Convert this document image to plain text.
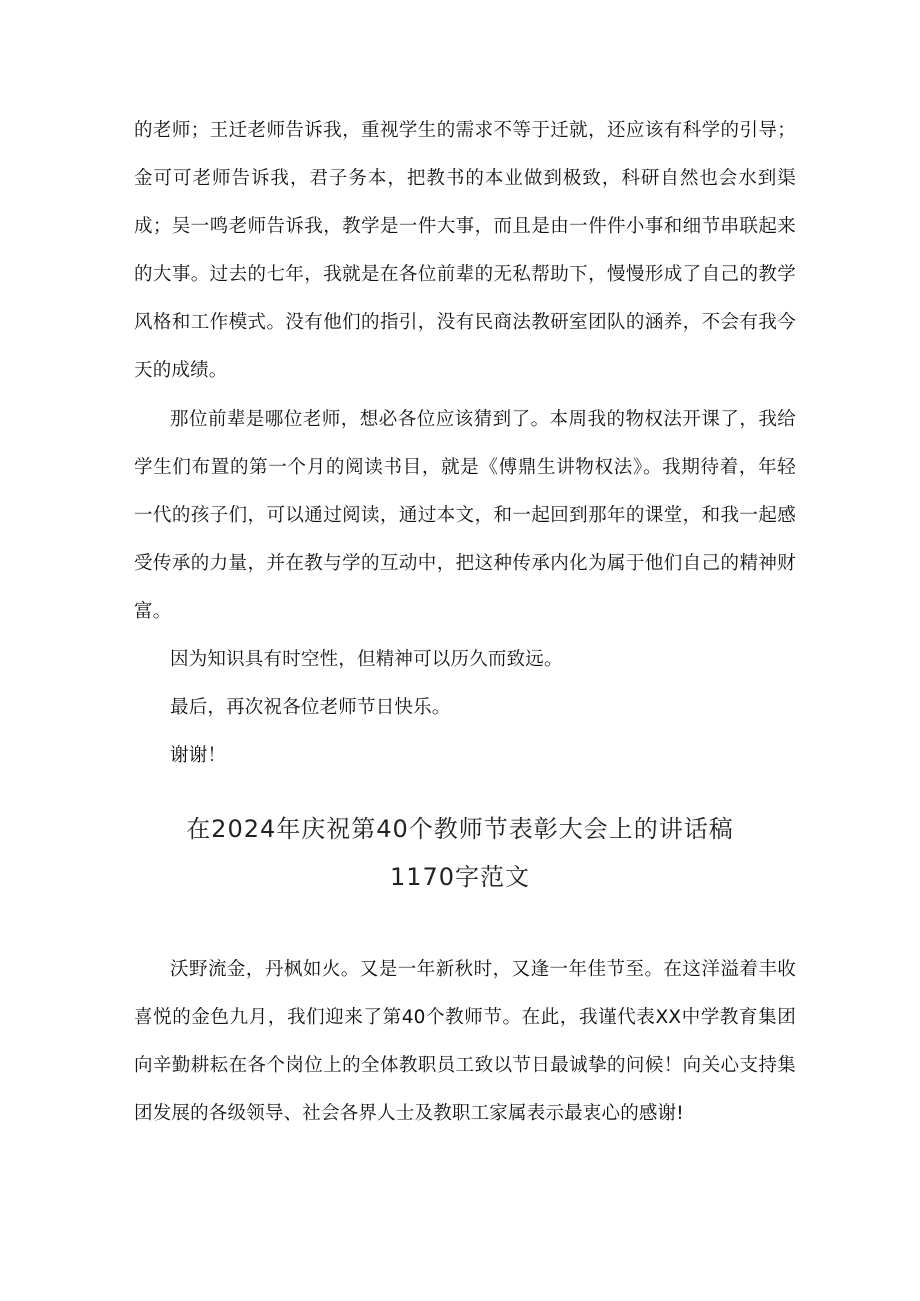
的老师；王迁老师告诉我，重视学生的需求不等于迁就，还应该有科学的引导；金可可老师告诉我，君子务本，把教书的本业做到极致，科研自然也会水到渠成；吴一鸣老师告诉我，教学是一件大事，而且是由一件件小事和细节串联起来的大事。过去的七年，我就是在各位前辈的无私帮助下，慢慢形成了自己的教学风格和工作模式。没有他们的指引，没有民商法教研室团队的涵养，不会有我今天的成绩。

那位前辈是哪位老师，想必各位应该猜到了。本周我的物权法开课了，我给学生们布置的第一个月的阅读书目，就是《傅鼎生讲物权法》。我期待着，年轻一代的孩子们，可以通过阅读，通过本文，和一起回到那年的课堂，和我一起感受传承的力量，并在教与学的互动中，把这种传承内化为属于他们自己的精神财富。

因为知识具有时空性，但精神可以历久而致远。

最后，再次祝各位老师节日快乐。

谢谢！

在2024年庆祝第40个教师节表彰大会上的讲话稿
1170字范文

沃野流金，丹枫如火。又是一年新秋时，又逢一年佳节至。在这洋溢着丰收喜悦的金色九月，我们迎来了第40个教师节。在此，我谨代表XX中学教育集团向辛勤耕耘在各个岗位上的全体教职员工致以节日最诚挚的问候！向关心支持集团发展的各级领导、社会各界人士及教职工家属表示最衷心的感谢!
